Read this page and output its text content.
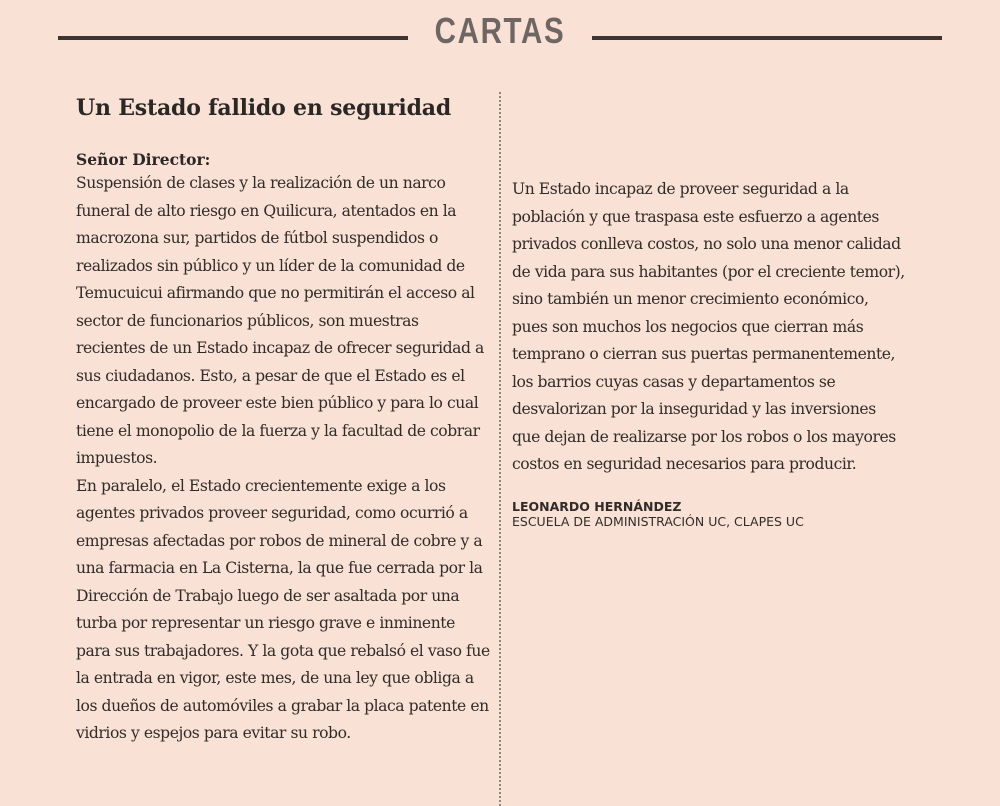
CARTAS
Un Estado fallido en seguridad

Señor Director:

Suspensión de clases y la realización de un narco funeral de alto riesgo en Quilicura, atentados en la macrozona sur, partidos de fútbol suspendidos o realizados sin público y un líder de la comunidad de Temucuicui afirmando que no permitirán el acceso al sector de funcionarios públicos, son muestras recientes de un Estado incapaz de ofrecer seguridad a sus ciudadanos. Esto, a pesar de que el Estado es el encargado de proveer este bien público y para lo cual tiene el monopolio de la fuerza y la facultad de cobrar impuestos.

En paralelo, el Estado crecientemente exige a los agentes privados proveer seguridad, como ocurrió a empresas afectadas por robos de mineral de cobre y a una farmacia en La Cisterna, la que fue cerrada por la Dirección de Trabajo luego de ser asaltada por una turba por representar un riesgo grave e inminente para sus trabajadores. Y la gota que rebalsó el vaso fue la entrada en vigor, este mes, de una ley que obliga a los dueños de automóviles a grabar la placa patente en vidrios y espejos para evitar su robo.

Un Estado incapaz de proveer seguridad a la población y que traspasa este esfuerzo a agentes privados conlleva costos, no solo una menor calidad de vida para sus habitantes (por el creciente temor), sino también un menor crecimiento económico, pues son muchos los negocios que cierran más temprano o cierran sus puertas permanentemente, los barrios cuyas casas y departamentos se desvalorizan por la inseguridad y las inversiones que dejan de realizarse por los robos o los mayores costos en seguridad necesarios para producir.

LEONARDO HERNÁNDEZ
ESCUELA DE ADMINISTRACIÓN UC, CLAPES UC
